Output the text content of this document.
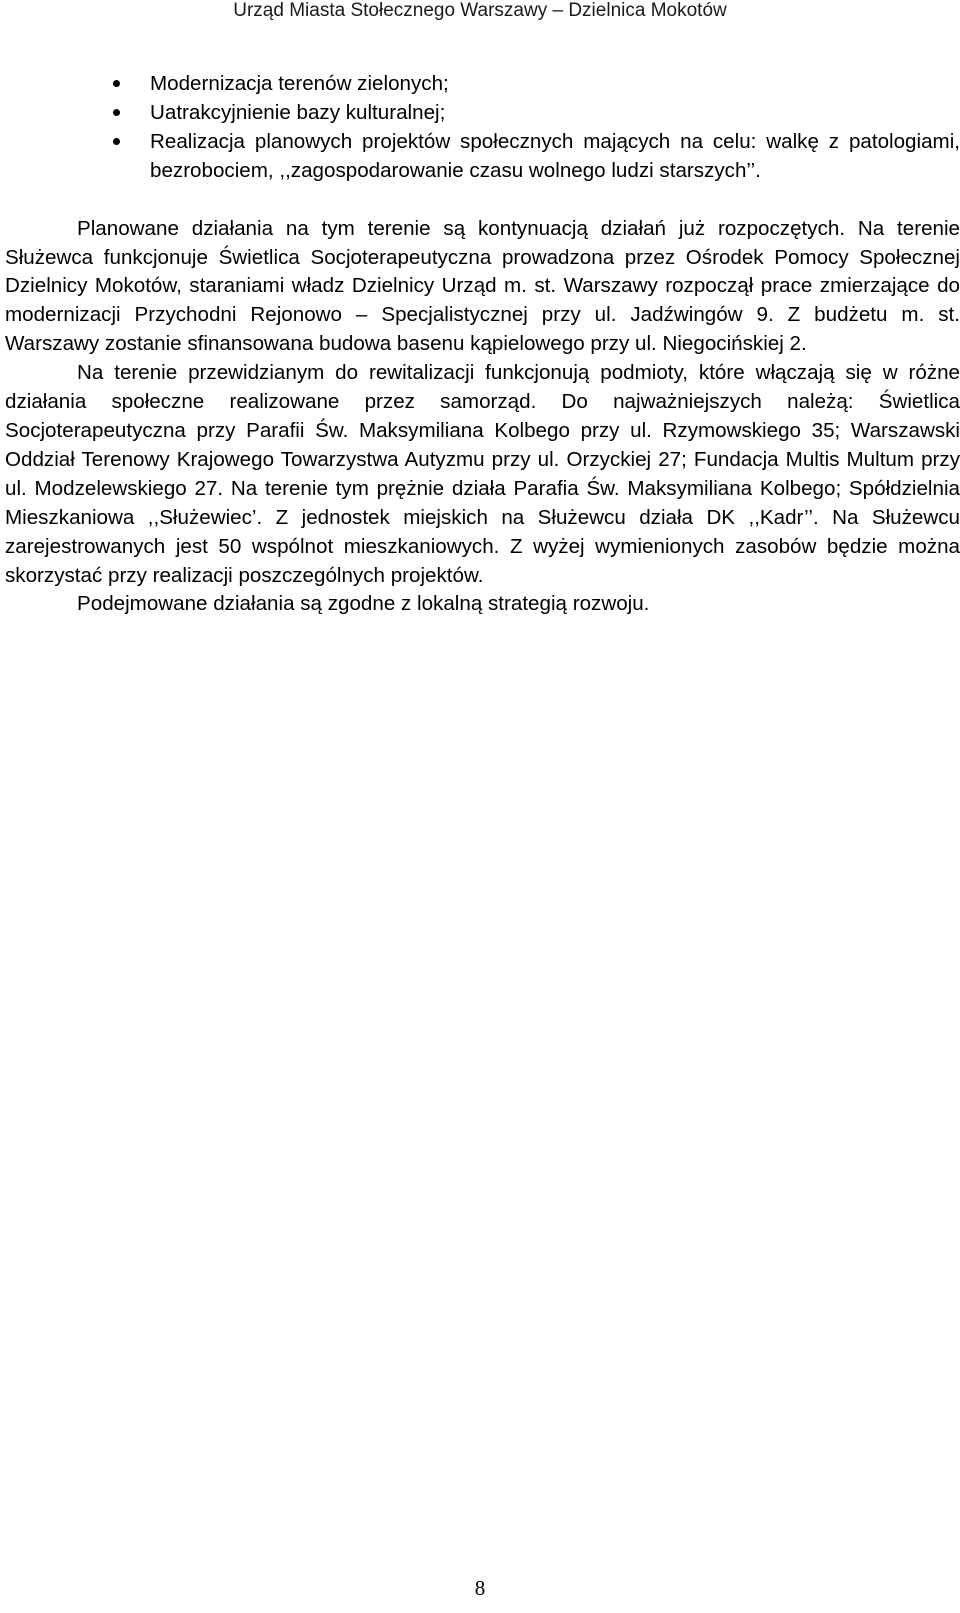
Urząd Miasta Stołecznego Warszawy – Dzielnica Mokotów
Modernizacja terenów zielonych;
Uatrakcyjnienie bazy kulturalnej;
Realizacja planowych projektów społecznych mających na celu: walkę z patologiami, bezrobociem, ,,zagospodarowanie czasu wolnego ludzi starszych’’.

Planowane działania na tym terenie są kontynuacją działań już rozpoczętych. Na terenie Służewca funkcjonuje Świetlica Socjoterapeutyczna prowadzona przez Ośrodek Pomocy Społecznej Dzielnicy Mokotów, staraniami władz Dzielnicy Urząd m. st. Warszawy rozpoczął prace zmierzające do modernizacji Przychodni Rejonowo – Specjalistycznej przy ul. Jadźwingów 9. Z budżetu m. st. Warszawy zostanie sfinansowana budowa basenu kąpielowego przy ul. Niegocińskiej 2.

Na terenie przewidzianym do rewitalizacji funkcjonują podmioty, które włączają się w różne działania społeczne realizowane przez samorząd. Do najważniejszych należą: Świetlica Socjoterapeutyczna przy Parafii Św. Maksymiliana Kolbego przy ul. Rzymowskiego 35; Warszawski Oddział Terenowy Krajowego Towarzystwa Autyzmu przy ul. Orzyckiej 27; Fundacja Multis Multum przy ul. Modzelewskiego 27. Na terenie tym prężnie działa Parafia Św. Maksymiliana Kolbego; Spółdzielnia Mieszkaniowa ,,Służewiec’. Z jednostek miejskich na Służewcu działa DK ,,Kadr’’. Na Służewcu zarejestrowanych jest 50 wspólnot mieszkaniowych. Z wyżej wymienionych zasobów będzie można skorzystać przy realizacji poszczególnych projektów.

Podejmowane działania są zgodne z lokalną strategią rozwoju.

8
